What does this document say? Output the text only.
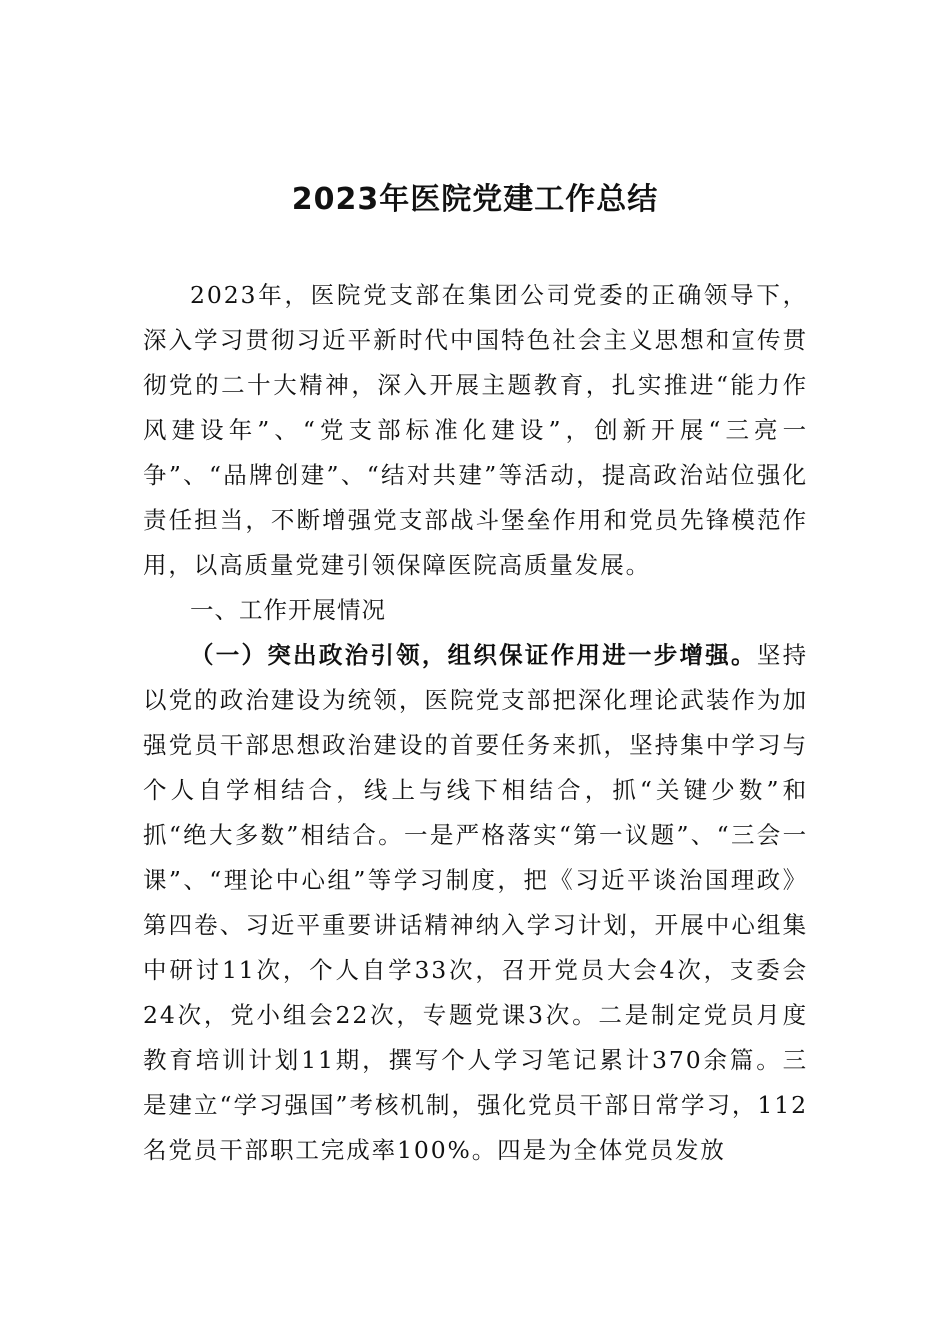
2023年医院党建工作总结

2023年，医院党支部在集团公司党委的正确领导下，深入学习贯彻习近平新时代中国特色社会主义思想和宣传贯彻党的二十大精神，深入开展主题教育，扎实推进“能力作风建设年”、“党支部标准化建设”，创新开展“三亮一争”、“品牌创建”、“结对共建”等活动，提高政治站位强化责任担当，不断增强党支部战斗堡垒作用和党员先锋模范作用，以高质量党建引领保障医院高质量发展。

一、工作开展情况

（一）突出政治引领，组织保证作用进一步增强。坚持以党的政治建设为统领，医院党支部把深化理论武装作为加强党员干部思想政治建设的首要任务来抓，坚持集中学习与个人自学相结合，线上与线下相结合，抓“关键少数”和抓“绝大多数”相结合。一是严格落实“第一议题”、“三会一课”、“理论中心组”等学习制度，把《习近平谈治国理政》第四卷、习近平重要讲话精神纳入学习计划，开展中心组集中研讨11次，个人自学33次，召开党员大会4次，支委会24次，党小组会22次，专题党课3次。二是制定党员月度教育培训计划11期，撰写个人学习笔记累计370余篇。三是建立“学习强国”考核机制，强化党员干部日常学习，112名党员干部职工完成率100%。四是为全体党员发放
